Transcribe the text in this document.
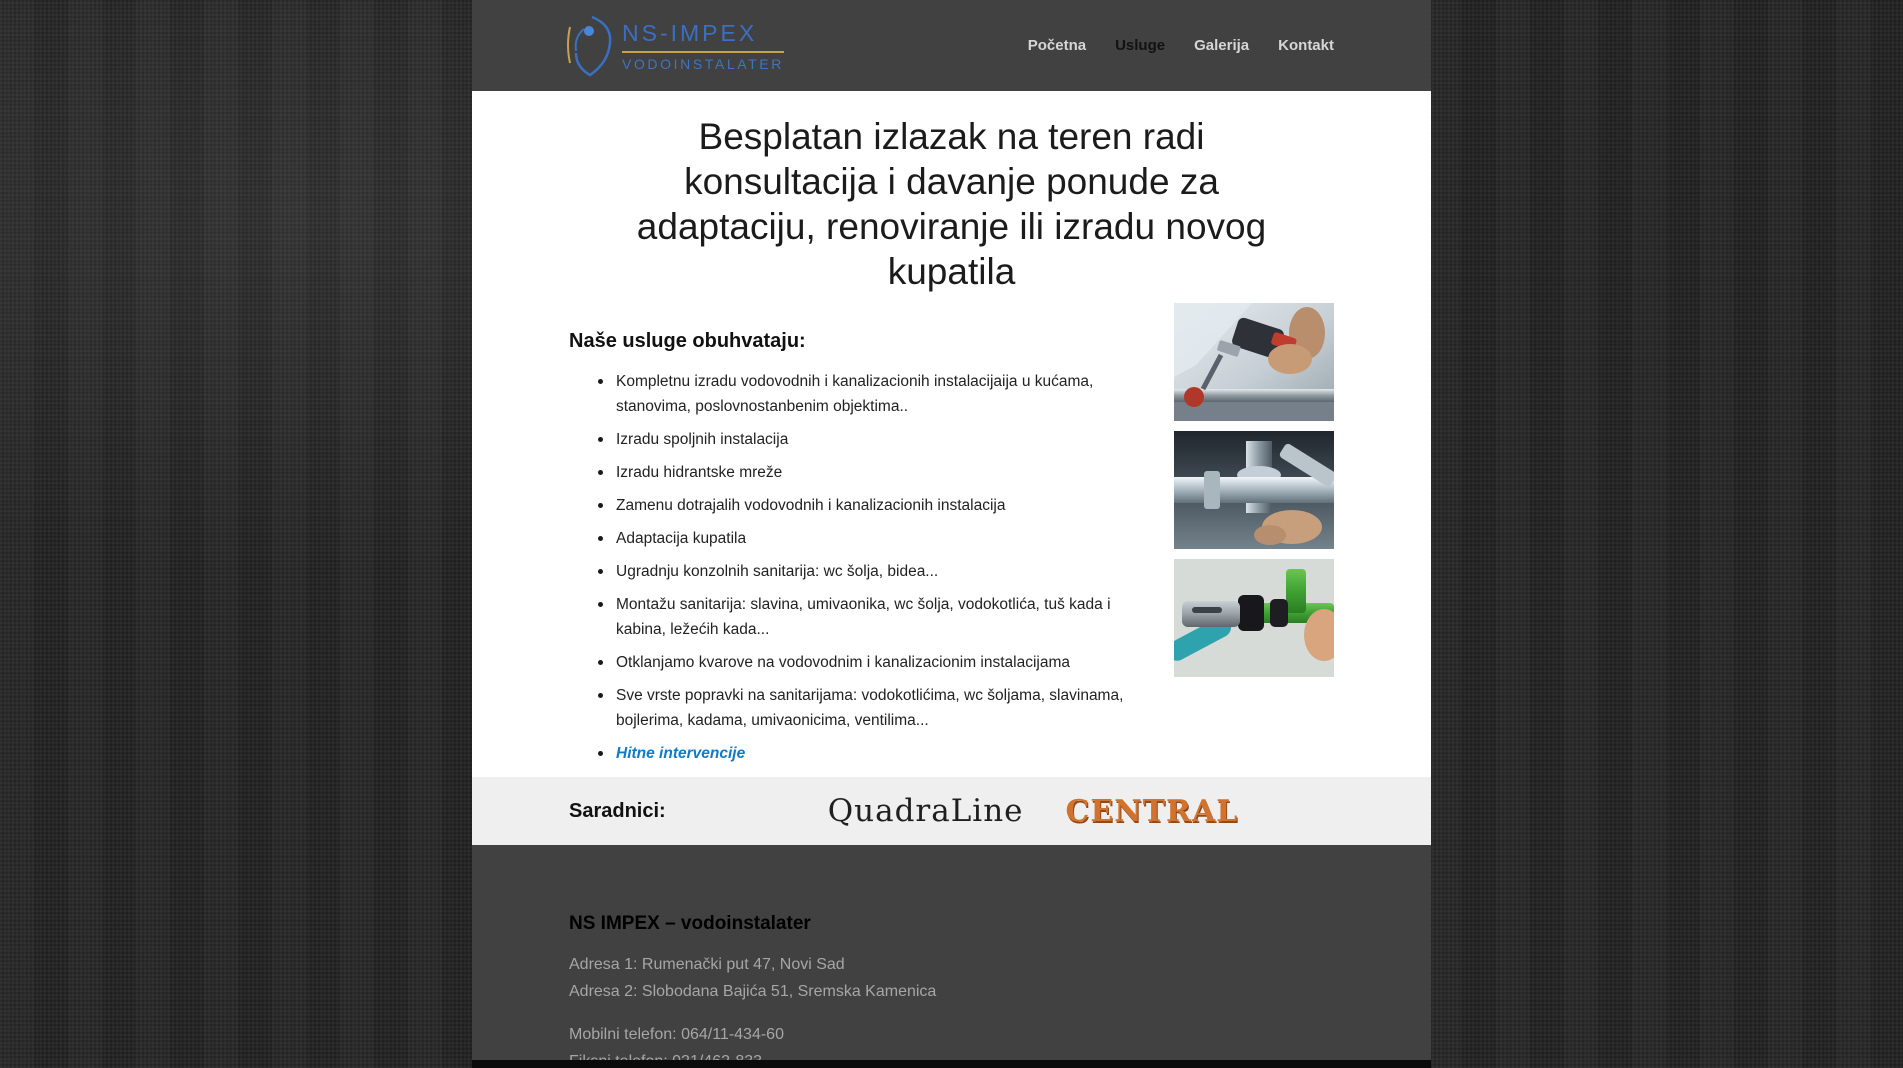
NS-IMPEX
VODOINSTALATER
Početna Usluge Galerija Kontakt
Besplatan izlazak na teren radi
konsultacija i davanje ponude za
adaptaciju, renoviranje ili izradu novog
kupatila
Naše usluge obuhvataju:
Kompletnu izradu vodovodnih i kanalizacionih instalacijaija u kućama, stanovima, poslovnostanbenim objektima..
Izradu spoljnih instalacija
Izradu hidrantske mreže
Zamenu dotrajalih vodovodnih i kanalizacionih instalacija
Adaptacija kupatila
Ugradnju konzolnih sanitarija: wc šolja, bidea...
Montažu sanitarija: slavina, umivaonika, wc šolja, vodokotlića, tuš kada i kabina, ležećih kada...
Otklanjamo kvarove na vodovodnim i kanalizacionim instalacijama
Sve vrste popravki na sanitarijama: vodokotlićima, wc šoljama, slavinama, bojlerima, kadama, umivaonicima, ventilima...
Hitne intervencije
Saradnici:	QuadraLine CENTRAL
NS IMPEX – vodoinstalater
Adresa 1: Rumenački put 47, Novi Sad
Adresa 2: Slobodana Bajića 51, Sremska Kamenica
Mobilni telefon: 064/11-434-60
